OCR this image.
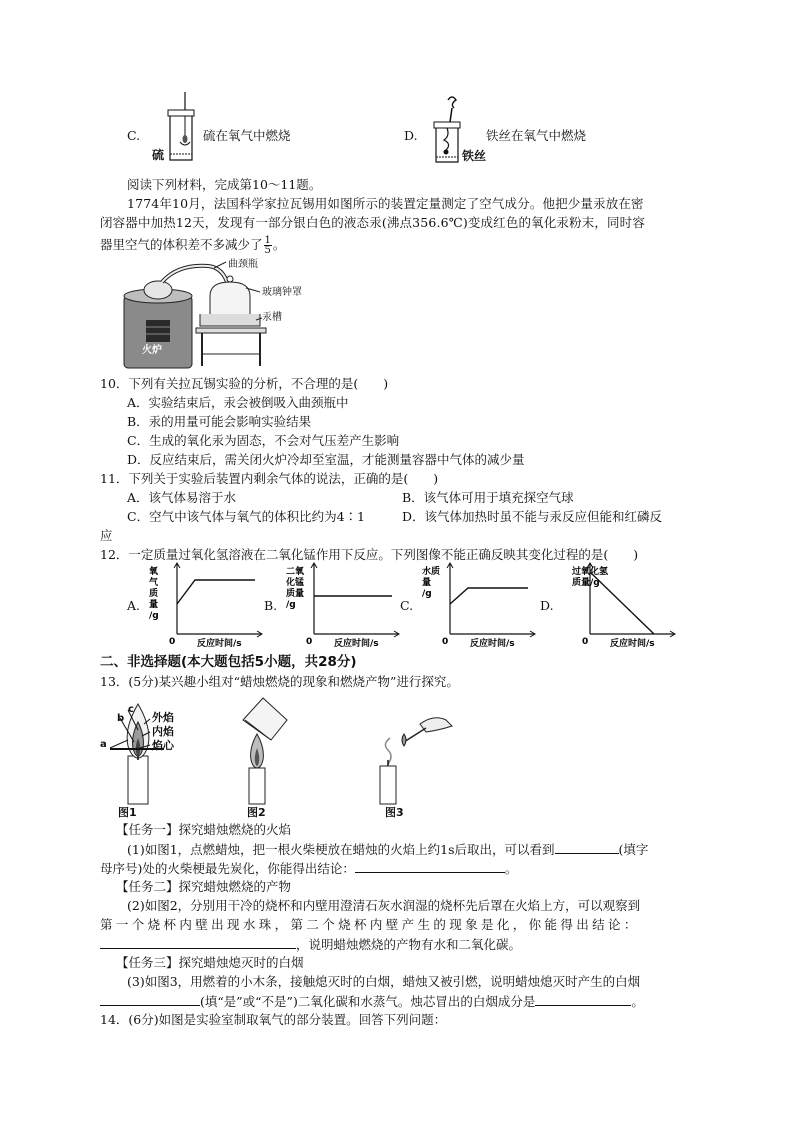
C.
硫
硫在氧气中燃烧	D.
铁丝
铁丝在氧气中燃烧
阅读下列材料，完成第10～11题。
1774年10月，法国科学家拉瓦锡用如图所示的装置定量测定了空气成分。他把少量汞放在密
闭容器中加热12天，发现有一部分银白色的液态汞(沸点356.6℃)变成红色的氧化汞粉末，同时容
器里空气的体积差不多减少了 $\frac{1}{5}$ 。
曲颈瓶
玻璃钟罩
汞槽
火炉
10．下列有关拉瓦锡实验的分析，不合理的是(　　)
A．实验结束后，汞会被倒吸入曲颈瓶中
B．汞的用量可能会影响实验结果
C．生成的氧化汞为固态，不会对气压差产生影响
D．反应结束后，需关闭火炉冷却至室温，才能测量容器中气体的减少量
11．下列关于实验后装置内剩余气体的说法，正确的是(　　)
A．该气体易溶于水	B．该气体可用于填充探空气球
C．空气中该气体与氧气的体积比约为4∶1	D．该气体加热时虽不能与汞反应但能和红磷反
应
12．一定质量过氧化氢溶液在二氧化锰作用下反应。下列图像不能正确反映其变化过程的是(　　)
A.
0 反应时间/s
氧
气
质
量
/g
B.
0 反应时间/s
二氧
化锰
质量
/g	C.
0 反应时间/s
水质
量
/g
D.
0 反应时间/s
过氧化氢
质量/g
二、非选择题(本大题包括5小题，共28分)
13．(5分)某兴趣小组对“蜡烛燃烧的现象和燃烧产物”进行探究。
a
b
c
外焰
内焰
焰心
图1	图2	图3
【任务一】探究蜡烛燃烧的火焰
(1)如图1，点燃蜡烛，把一根火柴梗放在蜡烛的火焰上约1s后取出，可以看到	(填字
母序号)处的火柴梗最先炭化，你能得出结论：	。
【任务二】探究蜡烛燃烧的产物
(2)如图2，分别用干冷的烧杯和内壁用澄清石灰水润湿的烧杯先后罩在火焰上方，可以观察到
第 一 个 烧 杯 内 壁 出 现 水 珠 ， 第 二 个 烧 杯 内 壁 产 生 的 现 象 是 化 ， 你 能 得 出 结 论 ：
，说明蜡烛燃烧的产物有水和二氧化碳。
【任务三】探究蜡烛熄灭时的白烟
(3)如图3，用燃着的小木条，接触熄灭时的白烟，蜡烛又被引燃，说明蜡烛熄灭时产生的白烟
(填“是”或“不是”)二氧化碳和水蒸气。烛芯冒出的白烟成分是	。
14．(6分)如图是实验室制取氧气的部分装置。回答下列问题：
